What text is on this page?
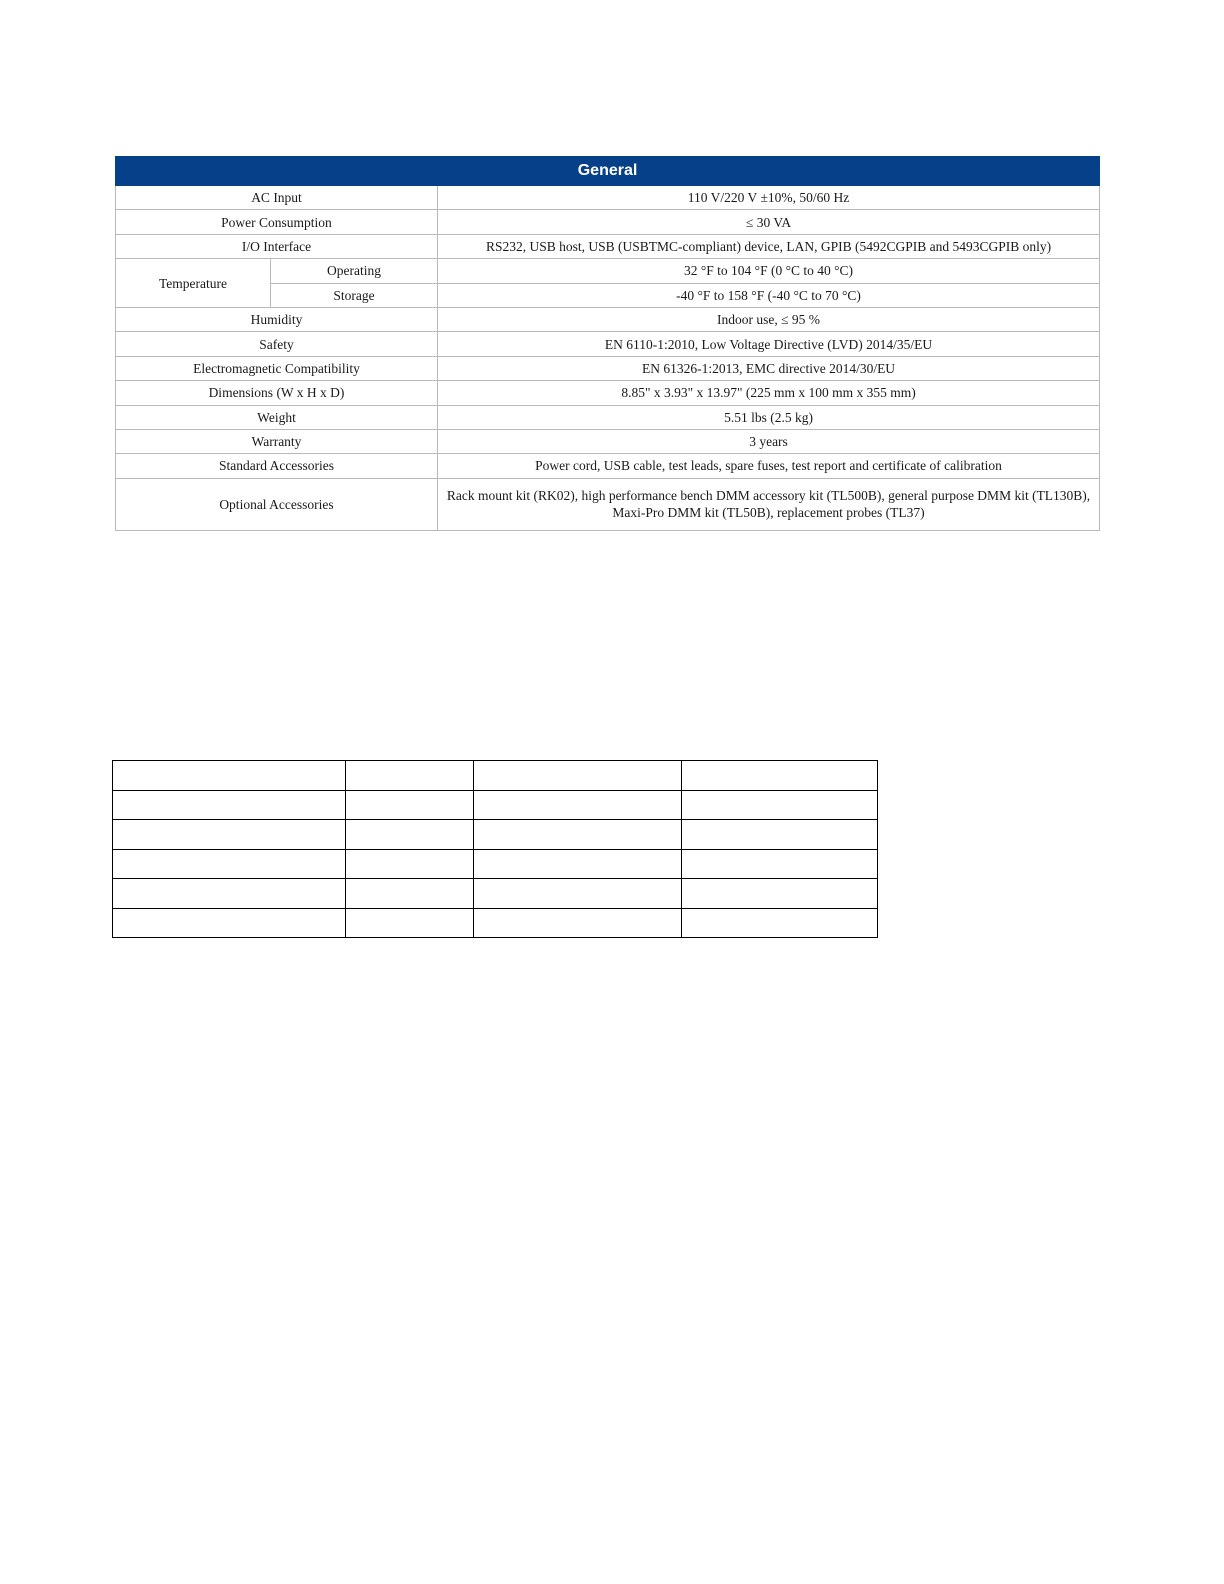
General		
AC Input		110 V/220 V ±10%, 50/60 Hz
Power Consumption		≤ 30 VA
I/O Interface		RS232, USB host, USB (USBTMC-compliant) device, LAN, GPIB (5492CGPIB and 5493CGPIB only)
Temperature	Operating	32 °F to 104 °F (0 °C to 40 °C)
	Storage	-40 °F to 158 °F (-40 °C to 70 °C)
Humidity		Indoor use, ≤ 95 %
Safety		EN 6110-1:2010, Low Voltage Directive (LVD) 2014/35/EU
Electromagnetic Compatibility		EN 61326-1:2013, EMC directive 2014/30/EU
Dimensions (W x H x D)		8.85" x 3.93" x 13.97" (225 mm x 100 mm x 355 mm)
Weight		5.51 lbs (2.5 kg)
Warranty		3 years
Standard Accessories		Power cord, USB cable, test leads, spare fuses, test report and certificate of calibration
Optional Accessories		Rack mount kit (RK02), high performance bench DMM accessory kit (TL500B), general purpose DMM kit (TL130B), Maxi-Pro DMM kit (TL50B), replacement probes (TL37)
